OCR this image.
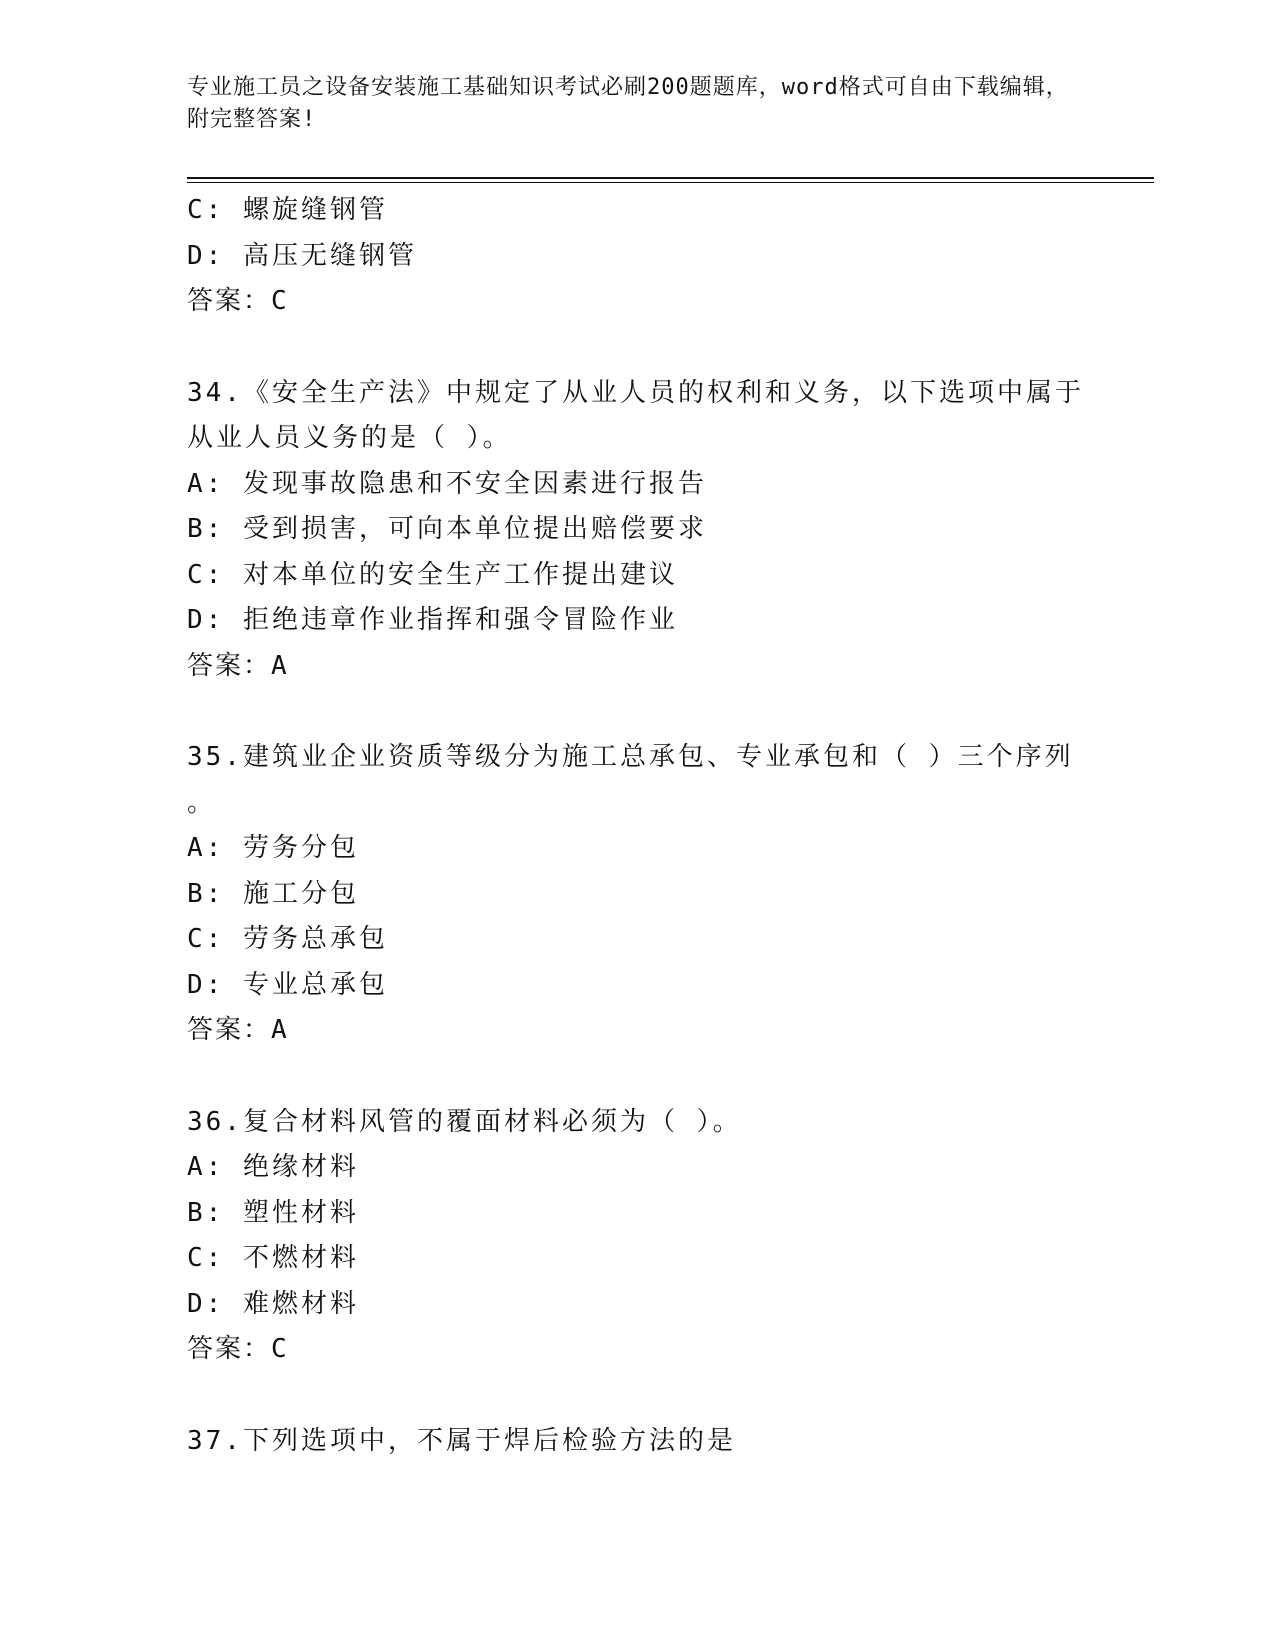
专业施工员之设备安装施工基础知识考试必刷200题题库，word格式可自由下载编辑，附完整答案!

C: 螺旋缝钢管

D: 高压无缝钢管

答案：C

34.《安全生产法》中规定了从业人员的权利和义务，以下选项中属于

从业人员义务的是（ ）。

A: 发现事故隐患和不安全因素进行报告

B: 受到损害，可向本单位提出赔偿要求

C: 对本单位的安全生产工作提出建议

D: 拒绝违章作业指挥和强令冒险作业

答案：A

35.建筑业企业资质等级分为施工总承包、专业承包和（ ）三个序列

。

A: 劳务分包

B: 施工分包

C: 劳务总承包

D: 专业总承包

答案：A

36.复合材料风管的覆面材料必须为（ ）。

A: 绝缘材料

B: 塑性材料

C: 不燃材料

D: 难燃材料

答案：C

37.下列选项中，不属于焊后检验方法的是
